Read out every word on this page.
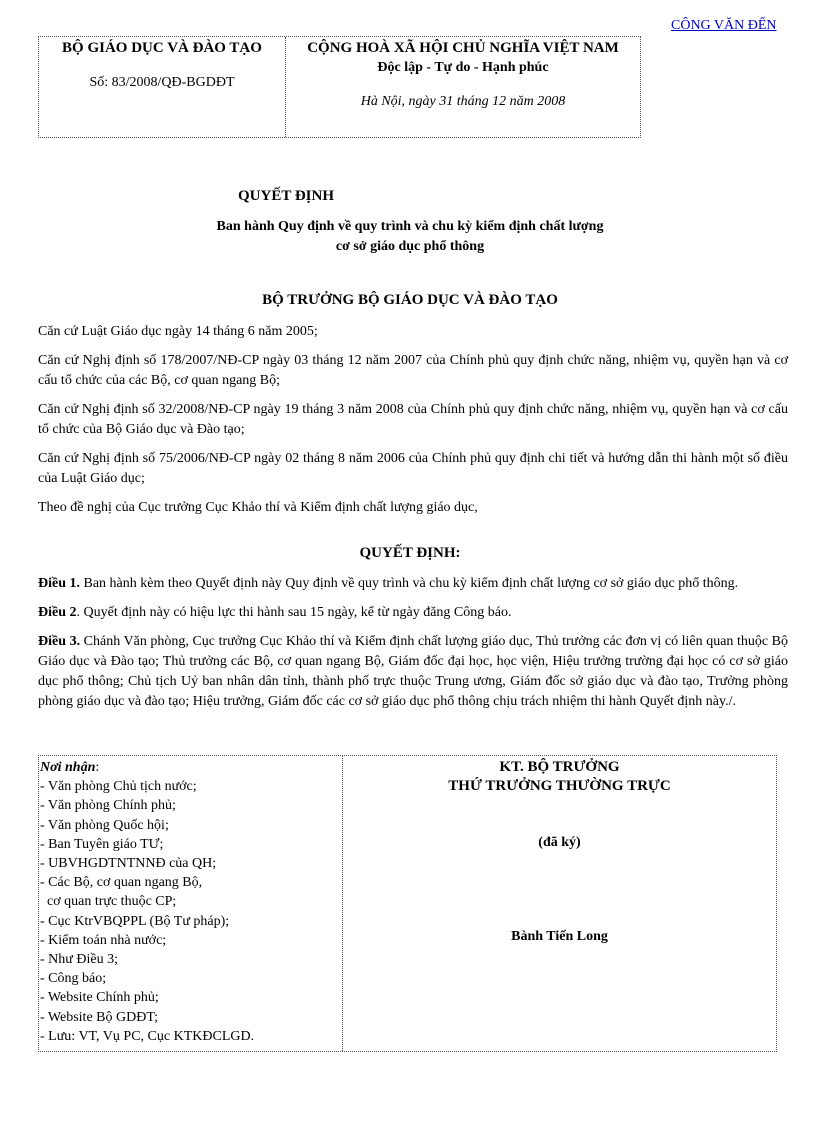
CÔNG VĂN ĐẾN
BỘ GIÁO DỤC VÀ ĐÀO TẠO
Số: 83/2008/QĐ-BGDĐT
CỘNG HOÀ XÃ HỘI CHỦ NGHĨA VIỆT NAM
Độc lập - Tự do - Hạnh phúc
Hà Nội, ngày 31 tháng 12 năm 2008
QUYẾT ĐỊNH
Ban hành Quy định về quy trình và chu kỳ kiểm định chất lượng
cơ sở giáo dục phổ thông
BỘ TRƯỞNG BỘ GIÁO DỤC VÀ ĐÀO TẠO

Căn cứ Luật Giáo dục ngày 14 tháng 6 năm 2005;

Căn cứ Nghị định số 178/2007/NĐ-CP ngày 03 tháng 12 năm 2007 của Chính phủ quy định chức năng, nhiệm vụ, quyền hạn và cơ cấu tổ chức của các Bộ, cơ quan ngang Bộ;

Căn cứ Nghị định số 32/2008/NĐ-CP ngày 19 tháng 3 năm 2008 của Chính phủ quy định chức năng, nhiệm vụ, quyền hạn và cơ cấu tổ chức của Bộ Giáo dục và Đào tạo;

Căn cứ Nghị định số 75/2006/NĐ-CP ngày 02 tháng 8 năm 2006 của Chính phủ quy định chi tiết và hướng dẫn thi hành một số điều của Luật Giáo dục;

Theo đề nghị của Cục trưởng Cục Khảo thí và Kiểm định chất lượng giáo dục,

QUYẾT ĐỊNH:

Điều 1. Ban hành kèm theo Quyết định này Quy định về quy trình và chu kỳ kiểm định chất lượng cơ sở giáo dục phổ thông.

Điều 2. Quyết định này có hiệu lực thi hành sau 15 ngày, kể từ ngày đăng Công báo.

Điều 3. Chánh Văn phòng, Cục trưởng Cục Khảo thí và Kiểm định chất lượng giáo dục, Thủ trưởng các đơn vị có liên quan thuộc Bộ Giáo dục và Đào tạo; Thủ trưởng các Bộ, cơ quan ngang Bộ, Giám đốc đại học, học viện, Hiệu trưởng trường đại học có cơ sở giáo dục phổ thông; Chủ tịch Uỷ ban nhân dân tỉnh, thành phố trực thuộc Trung ương, Giám đốc sở giáo dục và đào tạo, Trưởng phòng phòng giáo dục và đào tạo; Hiệu trưởng, Giám đốc các cơ sở giáo dục phổ thông chịu trách nhiệm thi hành Quyết định này./.

Nơi nhận:
- Văn phòng Chủ tịch nước;
- Văn phòng Chính phủ;
- Văn phòng Quốc hội;
- Ban Tuyên giáo TƯ;
- UBVHGDTNTNNĐ của QH;
- Các Bộ, cơ quan ngang Bộ,
cơ quan trực thuộc CP;
- Cục KtrVBQPPL (Bộ Tư pháp);
- Kiểm toán nhà nước;
- Như Điều 3;
- Công báo;
- Website Chính phủ;
- Website Bộ GDĐT;
- Lưu: VT, Vụ PC, Cục KTKĐCLGD.
KT. BỘ TRƯỞNG
THỨ TRƯỞNG THƯỜNG TRỰC
(đã ký)
Bành Tiến Long
